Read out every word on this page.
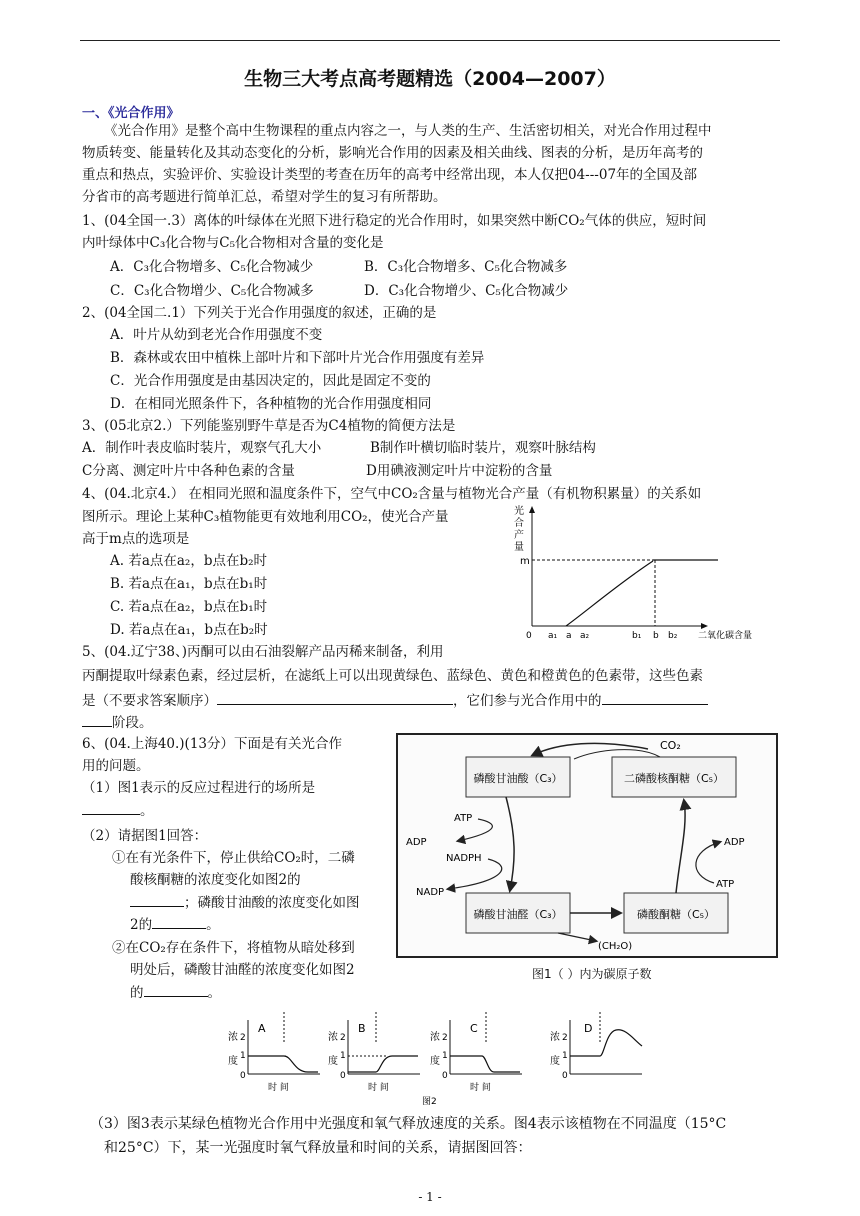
生物三大考点高考题精选（2004—2007）
一、《光合作用》
《光合作用》是整个高中生物课程的重点内容之一，与人类的生产、生活密切相关，对光合作用过程中
物质转变、能量转化及其动态变化的分析，影响光合作用的因素及相关曲线、图表的分析，是历年高考的
重点和热点，实验评价、实验设计类型的考查在历年的高考中经常出现，本人仅把04---07年的全国及部
分省市的高考题进行简单汇总，希望对学生的复习有所帮助。
1、(04全国一.3）离体的叶绿体在光照下进行稳定的光合作用时，如果突然中断CO₂气体的供应，短时间
内叶绿体中C₃化合物与C₅化合物相对含量的变化是
A．C₃化合物增多、C₅化合物减少	B．C₃化合物增多、C₅化合物减多
C．C₃化合物增少、C₅化合物减多	D．C₃化合物增少、C₅化合物减少
2、(04全国二.1）下列关于光合作用强度的叙述，正确的是
A．叶片从幼到老光合作用强度不变
B．森林或农田中植株上部叶片和下部叶片光合作用强度有差异
C．光合作用强度是由基因决定的，因此是固定不变的
D．在相同光照条件下，各种植物的光合作用强度相同
3、(05北京2.）下列能鉴别野牛草是否为C4植物的简便方法是
A．制作叶表皮临时装片，观察气孔大小	B制作叶横切临时装片，观察叶脉结构
C分离、测定叶片中各种色素的含量	D用碘液测定叶片中淀粉的含量
4、(04.北京4.） 在相同光照和温度条件下，空气中CO₂含量与植物光合产量（有机物积累量）的关系如
图所示。理论上某种C₃植物能更有效地利用CO₂，使光合产量
高于m点的选项是
A. 若a点在a₂，b点在b₂时
B. 若a点在a₁，b点在b₁时
C. 若a点在a₂，b点在b₁时
D. 若a点在a₁，b点在b₂时
光
合
产
量
m
0 a₁ a a₂	b₁ b b₂ 二氧化碳含量
5、(04.辽宁38、)丙酮可以由石油裂解产品丙稀来制备，利用
丙酮提取叶绿素色素，经过层析，在滤纸上可以出现黄绿色、蓝绿色、黄色和橙黄色的色素带，这些色素
是（不要求答案顺序）	，它们参与光合作用中的
阶段。
6、(04.上海40.)(13分）下面是有关光合作
用的问题。
（1）图1表示的反应过程进行的场所是
。
（2）请据图1回答：
①在有光条件下，停止供给CO₂时，二磷
酸核酮糖的浓度变化如图2的
；磷酸甘油酸的浓度变化如图
2的	。
②在CO₂存在条件下，将植物从暗处移到
明处后，磷酸甘油醛的浓度变化如图2
的	。
磷酸甘油酸（C₃）	二磷酸核酮糖（C₅）
磷酸甘油醛（C₃）	磷酸酮糖（C₅）
CO₂
ATP
ADP
NADPH
NADP
(CH₂O)
ADP
ATP
图1（ ）内为碳原子数
浓
度
2
1
0
A
时 间
浓
度
2
1
0
B
时 间
浓
度
2
1
0
C
时 间
浓
度
2
1
0
D
图2
（3）图3表示某绿色植物光合作用中光强度和氧气释放速度的关系。图4表示该植物在不同温度（15°C
和25°C）下，某一光强度时氧气释放量和时间的关系，请据图回答：
- 1 -
